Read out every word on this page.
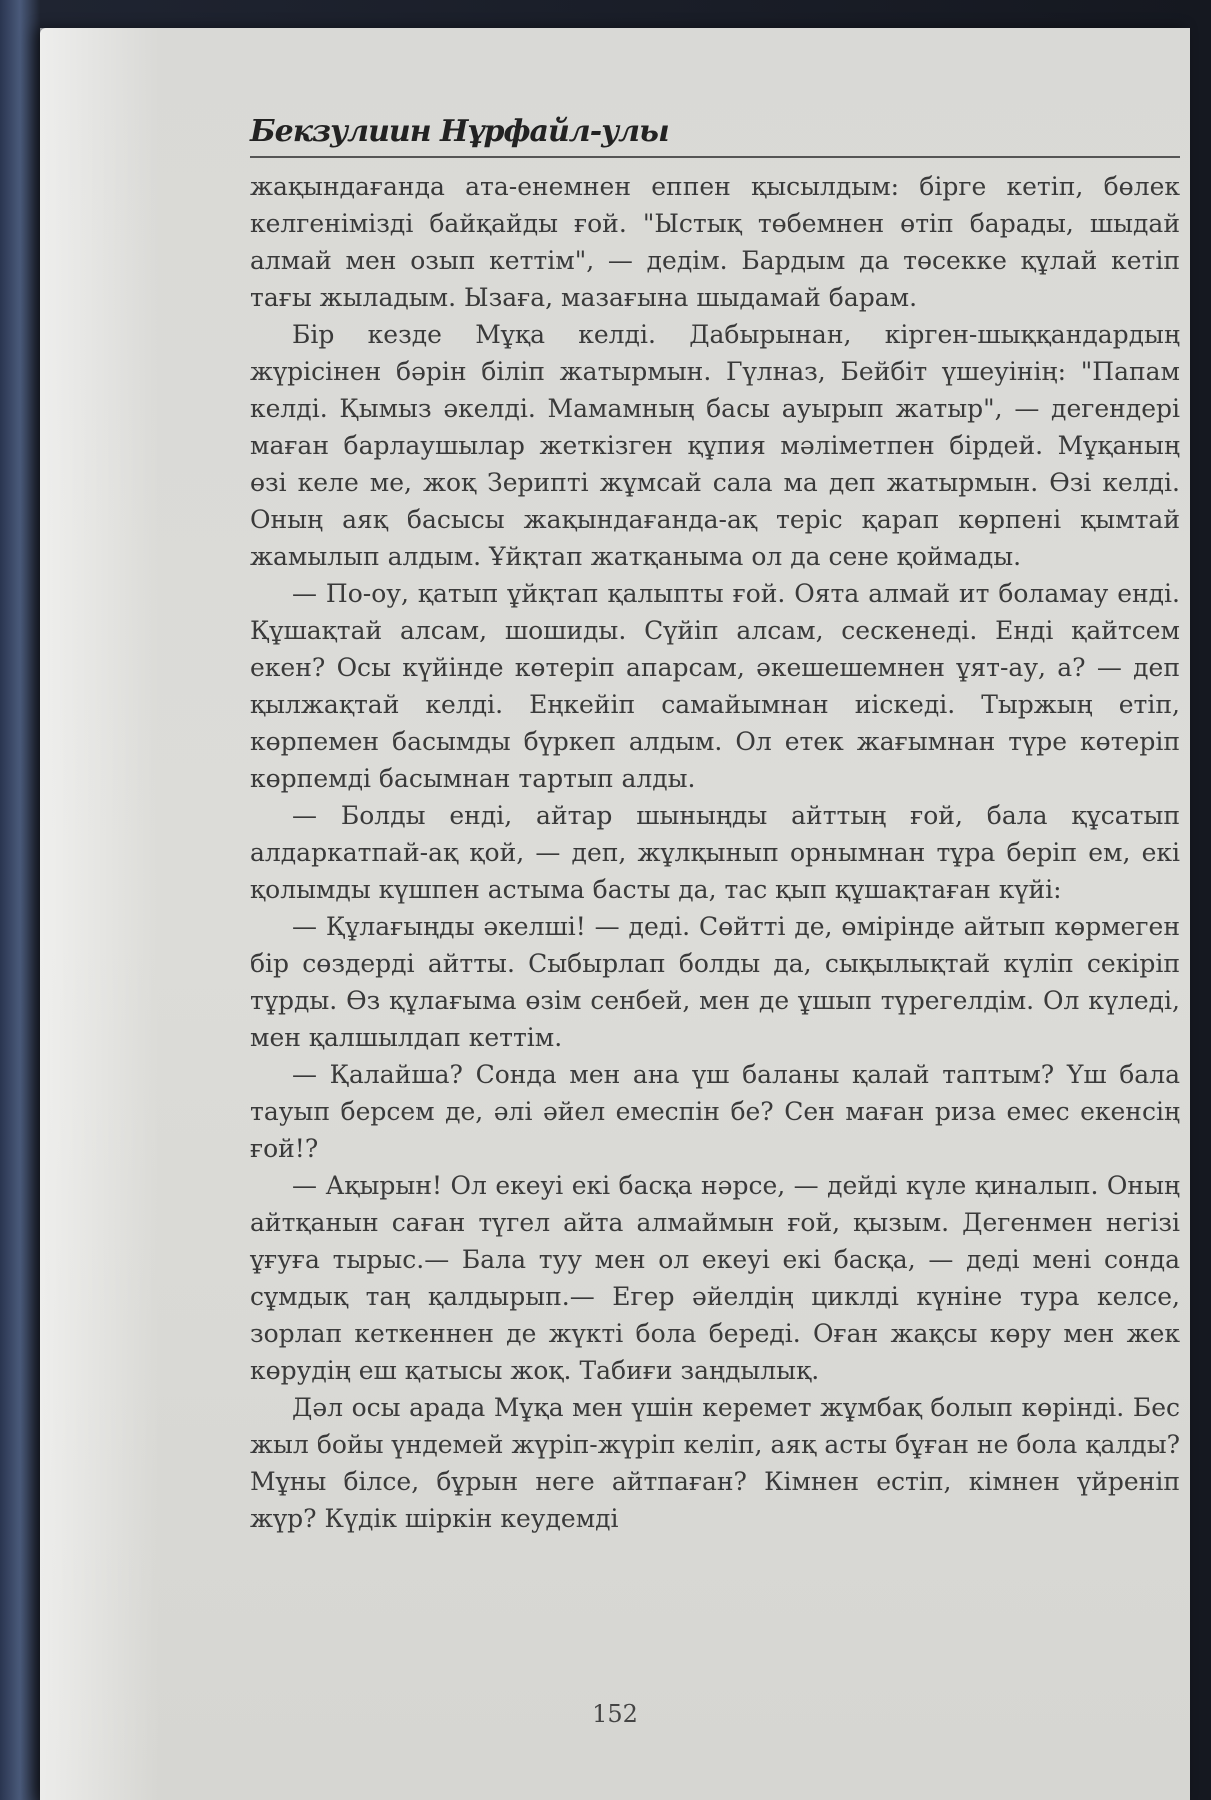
Бекзулиин Нұрфайл-улы

жақындағанда ата-енемнен еппен қысылдым: бірге кетіп, бөлек келгенімізді байқайды ғой. "Ыстық төбемнен өтіп барады, шыдай алмай мен озып кеттім", — дедім. Бардым да төсекке құлай кетіп тағы жыладым. Ызаға, мазағына шыдамай барам.

Бір кезде Мұқа келді. Дабырынан, кірген-шыққандардың жүрісінен бәрін біліп жатырмын. Гүлназ, Бейбіт үшеуінің: "Папам келді. Қымыз әкелді. Мамамның басы ауырып жатыр", — дегендері маған барлаушылар жеткізген құпия мәліметпен бірдей. Мұқаның өзі келе ме, жоқ Зерипті жұмсай сала ма деп жатырмын. Өзі келді. Оның аяқ басысы жақындағанда-ақ теріс қарап көрпені қымтай жамылып алдым. Ұйқтап жатқаныма ол да сене қоймады.

— По-оу, қатып ұйқтап қалыпты ғой. Оята алмай ит боламау енді. Құшақтай алсам, шошиды. Сүйіп алсам, сескенеді. Енді қайтсем екен? Осы күйінде көтеріп апарсам, әкешешемнен ұят-ау, а? — деп қылжақтай келді. Еңкейіп самайымнан иіскеді. Тыржың етіп, көрпемен басымды бүркеп алдым. Ол етек жағымнан түре көтеріп көрпемді басымнан тартып алды.

— Болды енді, айтар шыныңды айттың ғой, бала құсатып алдаркатпай-ақ қой, — деп, жұлқынып орнымнан тұра беріп ем, екі қолымды күшпен астыма басты да, тас қып құшақтаған күйі:

— Құлағыңды әкелші! — деді. Сөйтті де, өмірінде айтып көрмеген бір сөздерді айтты. Сыбырлап болды да, сықылықтай күліп секіріп тұрды. Өз құлағыма өзім сенбей, мен де ұшып түрегелдім. Ол күледі, мен қалшылдап кеттім.

— Қалайша? Сонда мен ана үш баланы қалай таптым? Үш бала тауып берсем де, әлі әйел емеспін бе? Сен маған риза емес екенсің ғой!?

— Ақырын! Ол екеуі екі басқа нәрсе, — дейді күле қиналып. Оның айтқанын саған түгел айта алмаймын ғой, қызым. Дегенмен негізі ұғуға тырыс.— Бала туу мен ол екеуі екі басқа, — деді мені сонда сұмдық таң қалдырып.— Егер әйелдің циклді күніне тура келсе, зорлап кеткеннен де жүкті бола береді. Оған жақсы көру мен жек көрудің еш қатысы жоқ. Табиғи заңдылық.

Дәл осы арада Мұқа мен үшін керемет жұмбақ болып көрінді. Бес жыл бойы үндемей жүріп-жүріп келіп, аяқ асты бұған не бола қалды? Мұны білсе, бұрын неге айтпаған? Кімнен естіп, кімнен үйреніп жүр? Күдік шіркін кеудемді

152
